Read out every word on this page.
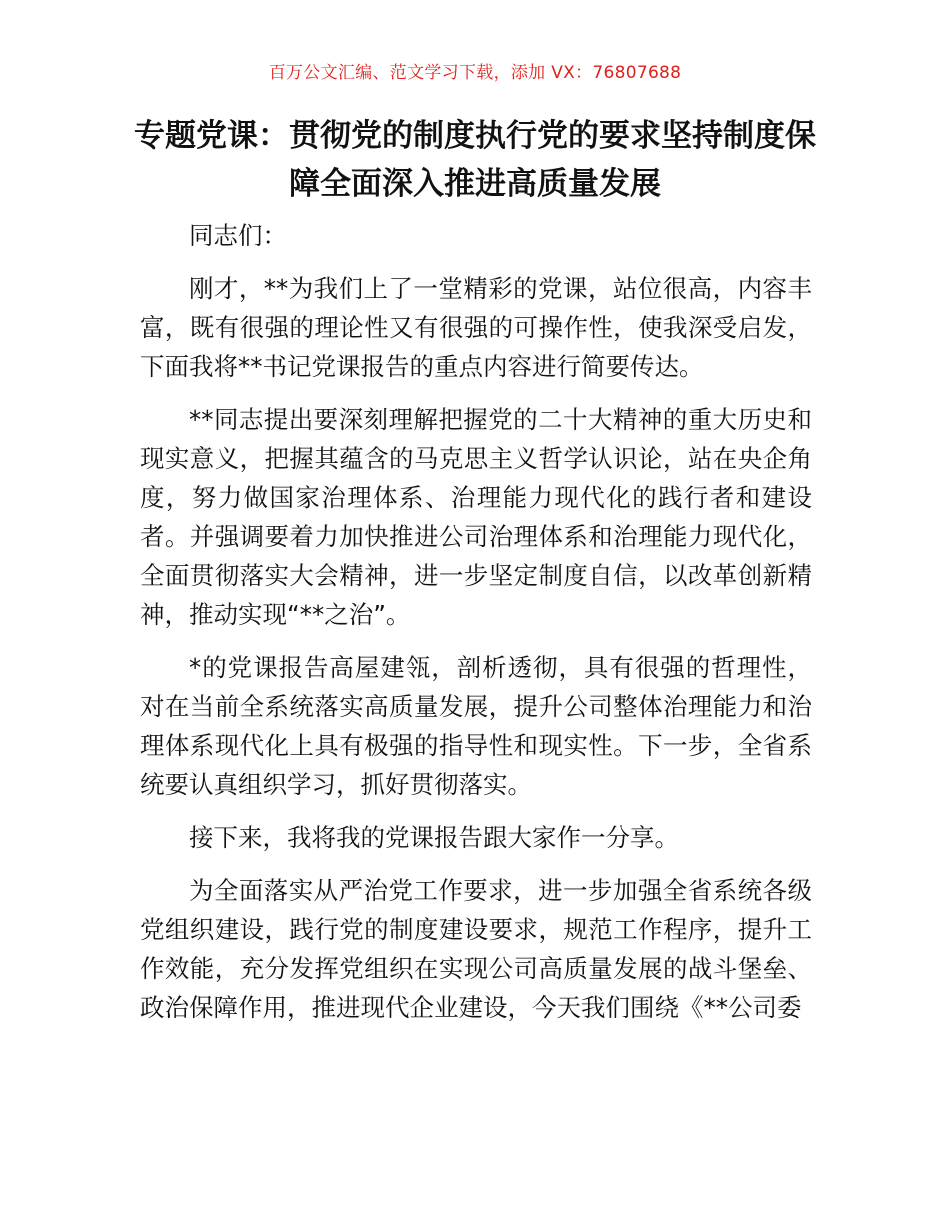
百万公文汇编、范文学习下载，添加 VX：76807688
专题党课：贯彻党的制度执行党的要求坚持制度保障全面深入推进高质量发展

同志们：

刚才，**为我们上了一堂精彩的党课，站位很高，内容丰富，既有很强的理论性又有很强的可操作性，使我深受启发，下面我将**书记党课报告的重点内容进行简要传达。

**同志提出要深刻理解把握党的二十大精神的重大历史和现实意义，把握其蕴含的马克思主义哲学认识论，站在央企角度，努力做国家治理体系、治理能力现代化的践行者和建设者。并强调要着力加快推进公司治理体系和治理能力现代化，全面贯彻落实大会精神，进一步坚定制度自信，以改革创新精神，推动实现“**之治”。

*的党课报告高屋建瓴，剖析透彻，具有很强的哲理性，对在当前全系统落实高质量发展，提升公司整体治理能力和治理体系现代化上具有极强的指导性和现实性。下一步，全省系统要认真组织学习，抓好贯彻落实。

接下来，我将我的党课报告跟大家作一分享。

为全面落实从严治党工作要求，进一步加强全省系统各级党组织建设，践行党的制度建设要求，规范工作程序，提升工作效能，充分发挥党组织在实现公司高质量发展的战斗堡垒、政治保障作用，推进现代企业建设，今天我们围绕《**公司委
